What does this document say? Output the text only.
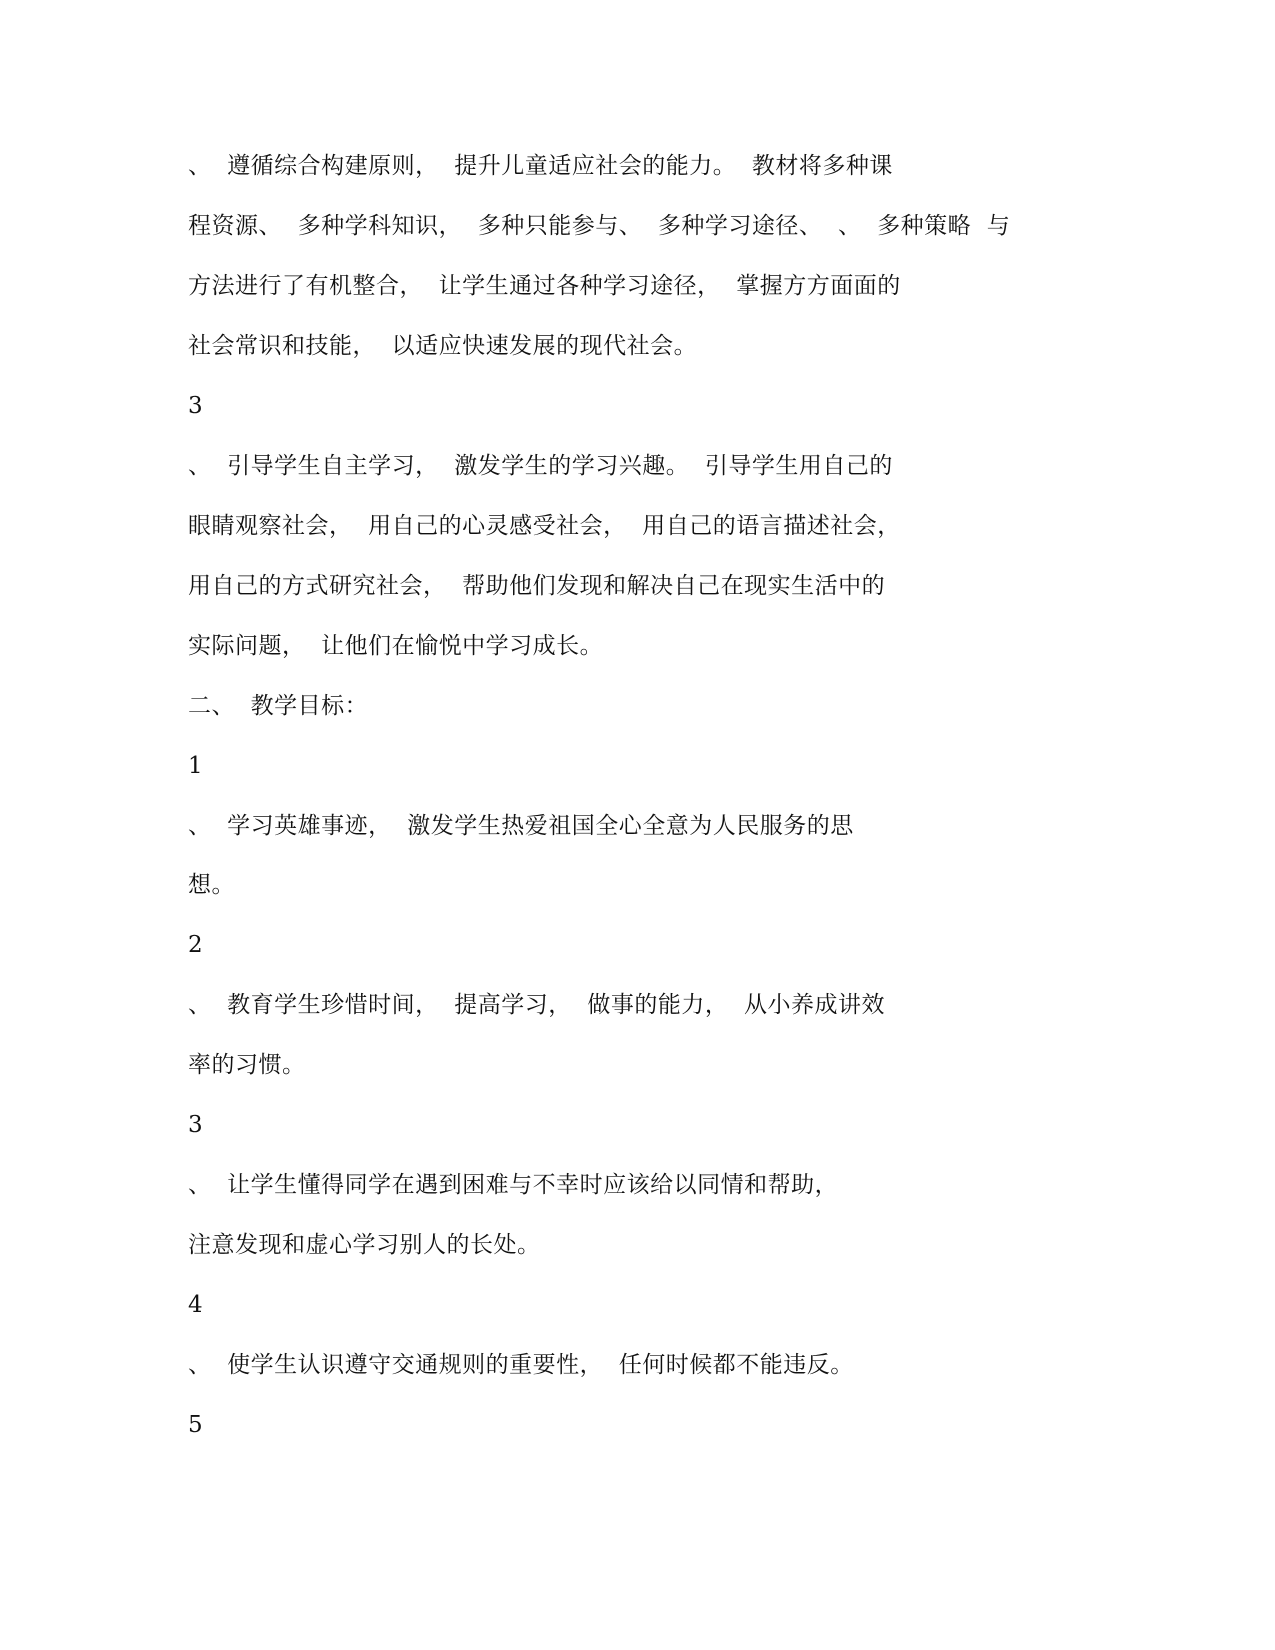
、  遵循综合构建原则，  提升儿童适应社会的能力。  教材将多种课
程资源、  多种学科知识，  多种只能参与、  多种学习途径、  、  多种策略  与
方法进行了有机整合，  让学生通过各种学习途径，  掌握方方面面的
社会常识和技能，  以适应快速发展的现代社会。
3
、  引导学生自主学习，  激发学生的学习兴趣。  引导学生用自己的
眼睛观察社会，  用自己的心灵感受社会，  用自己的语言描述社会，
用自己的方式研究社会，  帮助他们发现和解决自己在现实生活中的
实际问题，  让他们在愉悦中学习成长。
二、  教学目标：
1
、  学习英雄事迹，  激发学生热爱祖国全心全意为人民服务的思
想。
2
、  教育学生珍惜时间，  提高学习，  做事的能力，  从小养成讲效
率的习惯。
3
、  让学生懂得同学在遇到困难与不幸时应该给以同情和帮助，
注意发现和虚心学习别人的长处。
4
、  使学生认识遵守交通规则的重要性，  任何时候都不能违反。
5
